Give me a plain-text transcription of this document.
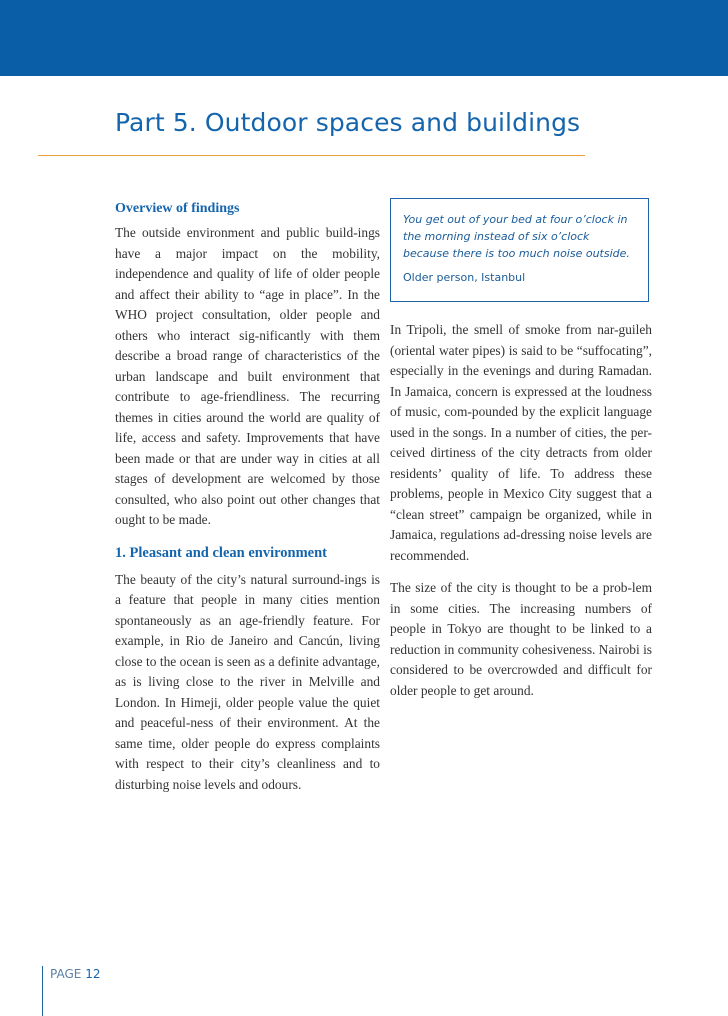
Part 5. Outdoor spaces and buildings
Overview of findings

The outside environment and public build-ings have a major impact on the mobility, independence and quality of life of older people and affect their ability to “age in place”. In the WHO project consultation, older people and others who interact sig-nificantly with them describe a broad range of characteristics of the urban landscape and built environment that contribute to age-friendliness. The recurring themes in cities around the world are quality of life, access and safety. Improvements that have been made or that are under way in cities at all stages of development are welcomed by those consulted, who also point out other changes that ought to be made.

1. Pleasant and clean environment

The beauty of the city’s natural surround-ings is a feature that people in many cities mention spontaneously as an age-friendly feature. For example, in Rio de Janeiro and Cancún, living close to the ocean is seen as a definite advantage, as is living close to the river in Melville and London. In Himeji, older people value the quiet and peaceful-ness of their environment. At the same time, older people do express complaints with respect to their city’s cleanliness and to disturbing noise levels and odours.

You get out of your bed at four o’clock in the morning instead of six o’clock because there is too much noise outside.

Older person, Istanbul

In Tripoli, the smell of smoke from nar-guileh (oriental water pipes) is said to be “suffocating”, especially in the evenings and during Ramadan. In Jamaica, concern is expressed at the loudness of music, com-pounded by the explicit language used in the songs. In a number of cities, the per-ceived dirtiness of the city detracts from older residents’ quality of life. To address these problems, people in Mexico City suggest that a “clean street” campaign be organized, while in Jamaica, regulations ad-dressing noise levels are recommended.

The size of the city is thought to be a prob-lem in some cities. The increasing numbers of people in Tokyo are thought to be linked to a reduction in community cohesiveness. Nairobi is considered to be overcrowded and difficult for older people to get around.

PAGE 12
